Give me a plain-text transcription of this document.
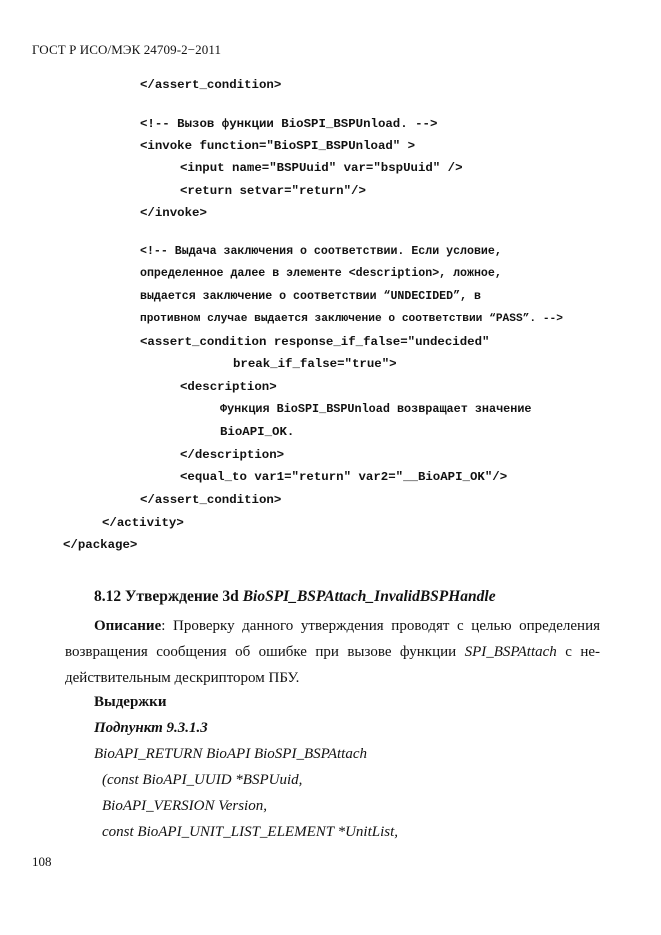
ГОСТ Р ИСО/МЭК 24709-2−2011
</assert_condition>
<!-- Вызов функции BioSPI_BSPUnload. -->
<invoke function="BioSPI_BSPUnload" >
<input name="BSPUuid" var="bspUuid" />
<return setvar="return"/>
</invoke>
<!-- Выдача заключения о соответствии. Если условие,
определенное далее в элементе <description>, ложное,
выдается заключение о соответствии “UNDECIDED”, в
противном случае выдается заключение о соответствии “PASS”. -->
<assert_condition response_if_false="undecided"
break_if_false="true">
<description>
Функция BioSPI_BSPUnload возвращает значение
BioAPI_OK.
</description>
<equal_to var1="return" var2="__BioAPI_OK"/>
</assert_condition>
</activity>
</package>
8.12 Утверждение 3d BioSPI_BSPAttach_InvalidBSPHandle
Описание: Проверку данного утверждения проводят с целью определения возвращения сообщения об ошибке при вызове функции SPI_BSPAttach с не-действительным дескриптором ПБУ.
Выдержки
Подпункт 9.3.1.3
BioAPI_RETURN BioAPI BioSPI_BSPAttach
(const BioAPI_UUID *BSPUuid,
BioAPI_VERSION Version,
const BioAPI_UNIT_LIST_ELEMENT *UnitList,
108
